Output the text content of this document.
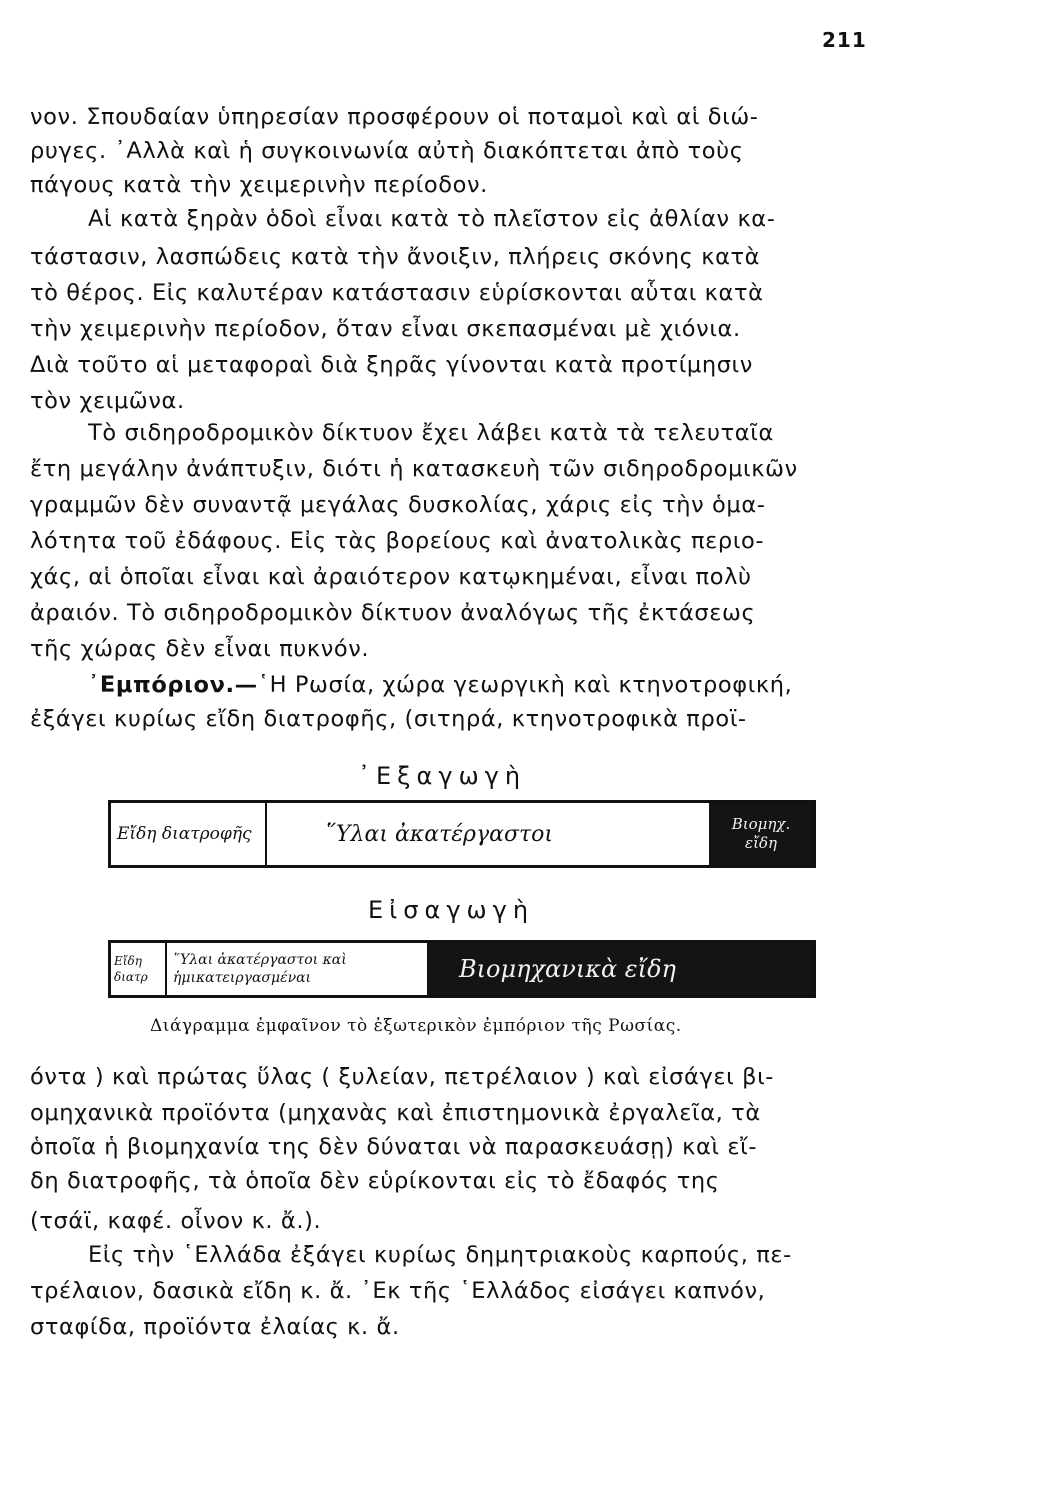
211
νον. Σπουδαίαν ὑπηρεσίαν προσφέρουν οἱ ποταμοὶ καὶ αἱ διώ-
ρυγες. ᾿Αλλὰ καὶ ἡ συγκοινωνία αὐτὴ διακόπτεται ἀπὸ τοὺς
πάγους κατὰ τὴν χειμερινὴν περίοδον.
Αἱ κατὰ ξηρὰν ὁδοὶ εἶναι κατὰ τὸ πλεῖστον εἰς ἀθλίαν κα-
τάστασιν, λασπώδεις κατὰ τὴν ἄνοιξιν, πλήρεις σκόνης κατὰ
τὸ θέρος. Εἰς καλυτέραν κατάστασιν εὑρίσκονται αὗται κατὰ
τὴν χειμερινὴν περίοδον, ὅταν εἶναι σκεπασμέναι μὲ χιόνια.
Διὰ τοῦτο αἱ μεταφοραὶ διὰ ξηρᾶς γίνονται κατὰ προτίμησιν
τὸν χειμῶνα.
Τὸ σιδηροδρομικὸν δίκτυον ἔχει λάβει κατὰ τὰ τελευταῖα
ἔτη μεγάλην ἀνάπτυξιν, διότι ἡ κατασκευὴ τῶν σιδηροδρομικῶν
γραμμῶν δὲν συναντᾷ μεγάλας δυσκολίας, χάρις εἰς τὴν ὁμα-
λότητα τοῦ ἐδάφους. Εἰς τὰς βορείους καὶ ἀνατολικὰς περιο-
χάς, αἱ ὁποῖαι εἶναι καὶ ἀραιότερον κατῳκημέναι, εἶναι πολὺ
ἀραιόν. Τὸ σιδηροδρομικὸν δίκτυον ἀναλόγως τῆς ἐκτάσεως
τῆς χώρας δὲν εἶναι πυκνόν.
᾿Εμπόριον.—῾Η Ρωσία, χώρα γεωργικὴ καὶ κτηνοτροφική,
ἐξάγει κυρίως εἴδη διατροφῆς, (σιτηρά, κτηνοτροφικὰ προϊ-
᾿Εξαγωγὴ
Εἴδη διατροφῆς	῞Υλαι ἀκατέργαστοι	Βιομηχ. εἴδη
Εἰσαγωγὴ
Εἴδη διατρ
῞Υλαι ἀκατέργαστοι καὶ ἡμικατειργασμέναι	Βιομηχανικὰ εἴδη
Διάγραμμα ἐμφαῖνον τὸ ἐξωτερικὸν ἐμπόριον τῆς Ρωσίας.
όντα ) καὶ πρώτας ὕλας ( ξυλείαν, πετρέλαιον ) καὶ εἰσάγει βι-
ομηχανικὰ προϊόντα (μηχανὰς καὶ ἐπιστημονικὰ ἐργαλεῖα, τὰ
ὁποῖα ἡ βιομηχανία της δὲν δύναται νὰ παρασκευάσῃ) καὶ εἴ-
δη διατροφῆς, τὰ ὁποῖα δὲν εὑρίκονται εἰς τὸ ἔδαφός της
(τσάϊ, καφέ. οἶνον κ. ἄ.).
Εἰς τὴν ῾Ελλάδα ἐξάγει κυρίως δημητριακοὺς καρπούς, πε-
τρέλαιον, δασικὰ εἴδη κ. ἄ. ᾿Εκ τῆς ῾Ελλάδος εἰσάγει καπνόν,
σταφίδα, προϊόντα ἐλαίας κ. ἄ.
